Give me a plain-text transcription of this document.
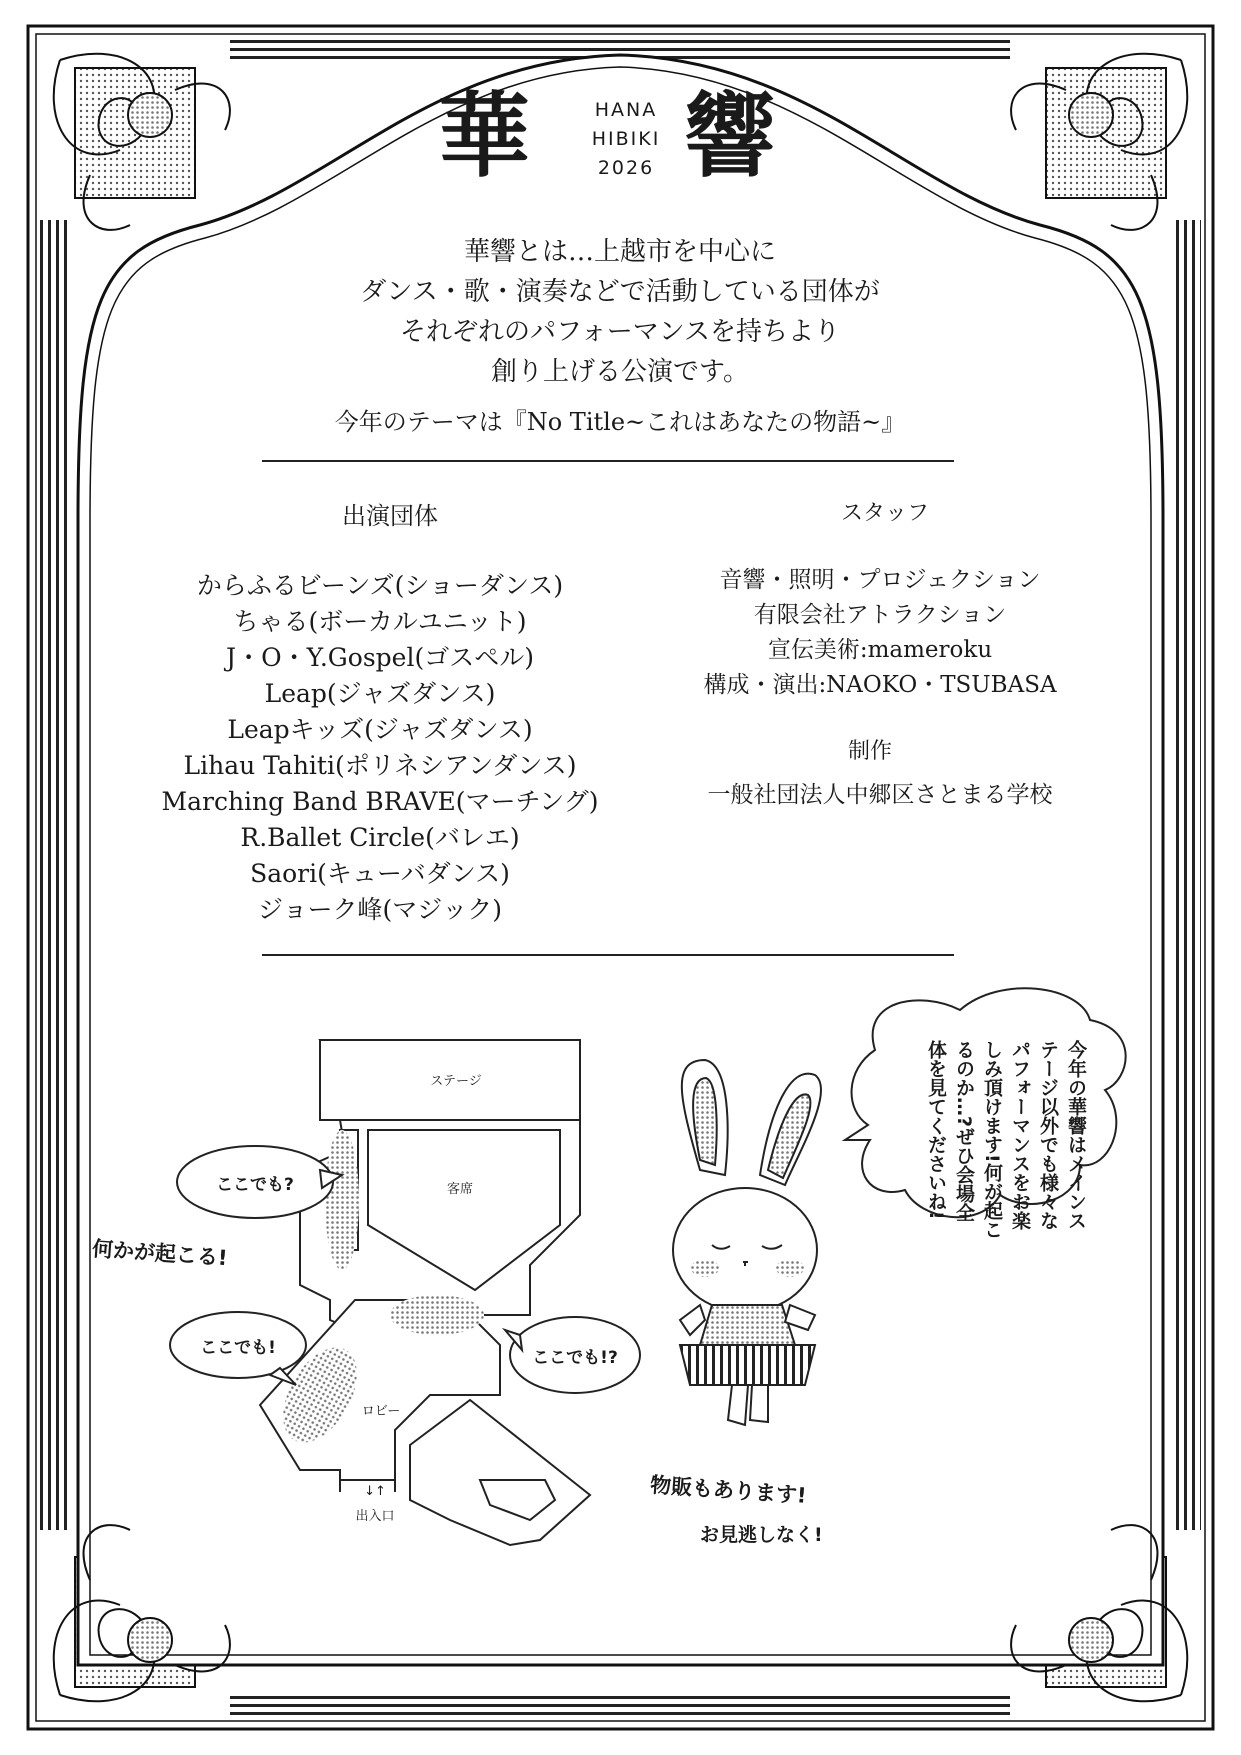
華	HANA
HIBIKI
2026 響
華響とは…上越市を中心に
ダンス・歌・演奏などで活動している団体が
それぞれのパフォーマンスを持ちより
創り上げる公演です。
今年のテーマは『No Title~これはあなたの物語~』
出演団体	スタッフ
からふるビーンズ(ショーダンス)
ちゃる(ボーカルユニット)
J・O・Y.Gospel(ゴスペル)
Leap(ジャズダンス)
Leapキッズ(ジャズダンス)
Lihau Tahiti(ポリネシアンダンス)
Marching Band BRAVE(マーチング)
R.Ballet Circle(バレエ)
Saori(キューバダンス)
ジョーク峰(マジック)
音響・照明・プロジェクション
有限会社アトラクション
宣伝美術:mameroku
構成・演出:NAOKO・TSUBASA
制作
一般社団法人中郷区さとまる学校
ステージ
客席
ロビー
↓↑
出入口
ここでも?
ここでも!	ここでも!?
何かが起こる!
物販もあります!
お見逃しなく!
今年の華響はメインステージ以外でも様々なパフォーマンスをお楽しみ頂けます!何が起こるのか…?ぜひ会場全体を見てくださいね!
